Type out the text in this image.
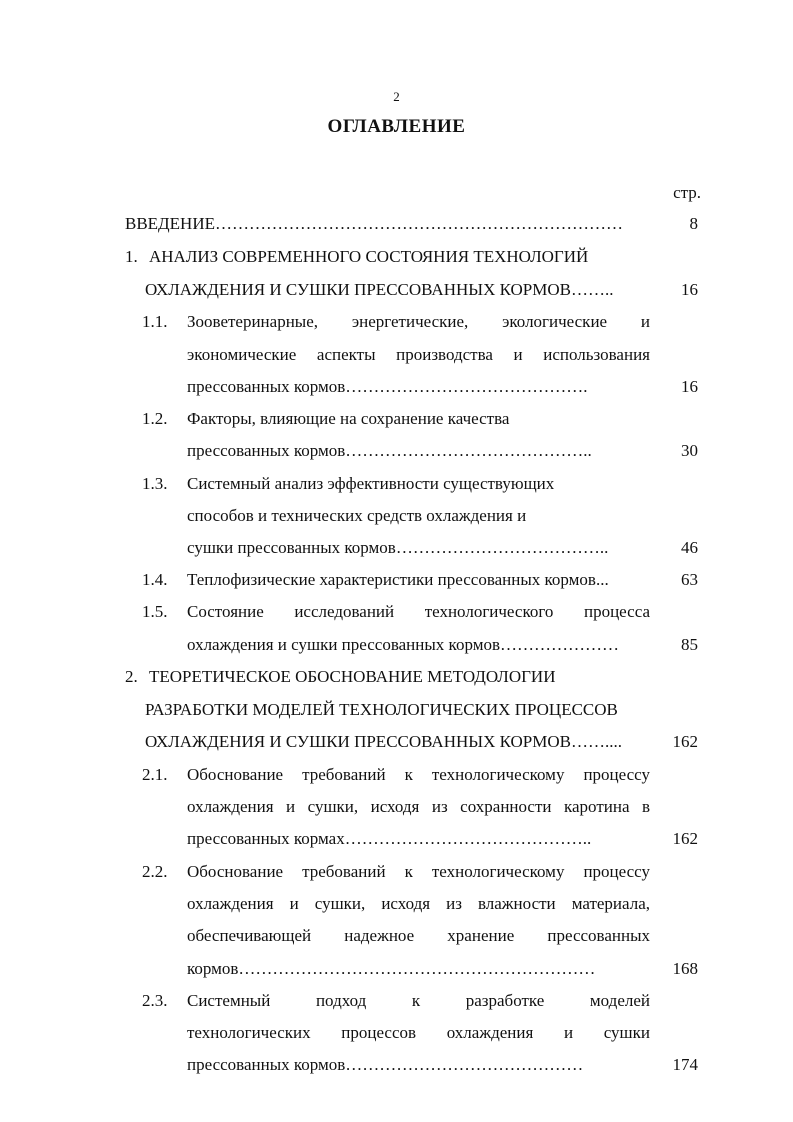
2
ОГЛАВЛЕНИЕ
стр.
ВВЕДЕНИЕ………………………………………………………………	8
1. АНАЛИЗ СОВРЕМЕННОГО СОСТОЯНИЯ ТЕХНОЛОГИЙ
ОХЛАЖДЕНИЯ И СУШКИ ПРЕССОВАННЫХ КОРМОВ……..	16
1.1. Зооветеринарные, энергетические, экологические и
экономические аспекты производства и использования
прессованных кормов…………………………………….	16
1.2. Факторы, влияющие на сохранение качества
прессованных кормов……………………………………..	30
1.3. Системный анализ эффективности существующих
способов и технических средств охлаждения и
сушки прессованных кормов………………………………..	46
1.4. Теплофизические характеристики прессованных кормов...	63
1.5. Состояние исследований технологического процесса
охлаждения и сушки прессованных кормов…………………	85
2. ТЕОРЕТИЧЕСКОЕ ОБОСНОВАНИЕ МЕТОДОЛОГИИ
РАЗРАБОТКИ МОДЕЛЕЙ ТЕХНОЛОГИЧЕСКИХ ПРОЦЕССОВ
ОХЛАЖДЕНИЯ И СУШКИ ПРЕССОВАННЫХ КОРМОВ……....	162
2.1. Обоснование требований к технологическому процессу
охлаждения и сушки, исходя из сохранности каротина в
прессованных кормах……………………………………..	162
2.2. Обоснование требований к технологическому процессу
охлаждения и сушки, исходя из влажности материала,
обеспечивающей надежное хранение прессованных
кормов………………………………………………………	168
2.3. Системный подход к разработке моделей
технологических процессов охлаждения и сушки
прессованных кормов……………………………………	174
